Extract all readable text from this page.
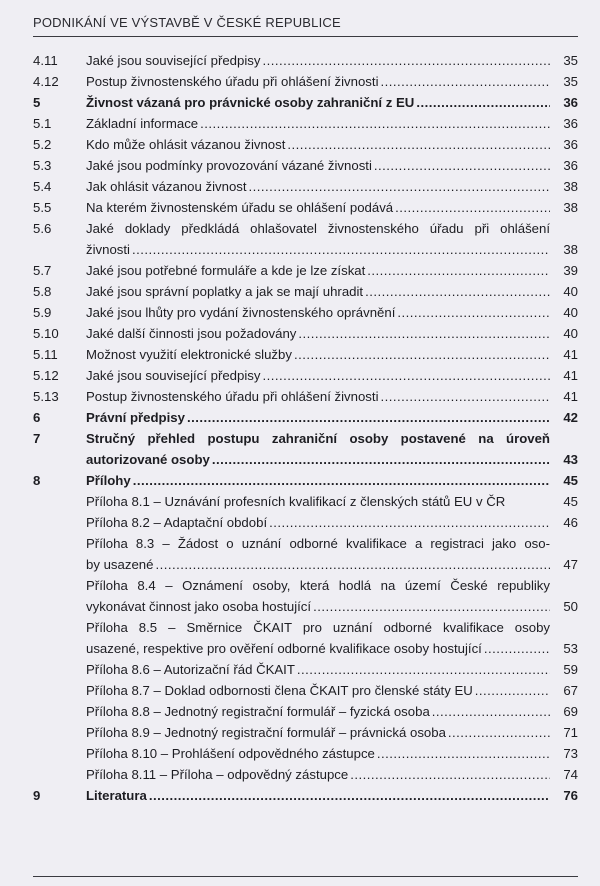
PODNIKÁNÍ VE VÝSTAVBĚ V ČESKÉ REPUBLICE
4.11	Jaké jsou související předpisy . . .	35
4.12	Postup živnostenského úřadu při ohlášení živnosti . . .	35
5	Živnost vázaná pro právnické osoby zahraniční z EU . . .	36
5.1	Základní informace . . .	36
5.2	Kdo může ohlásit vázanou živnost . . .	36
5.3	Jaké jsou podmínky provozování vázané živnosti . . .	36
5.4	Jak ohlásit vázanou živnost . . .	38
5.5	Na kterém živnostenském úřadu se ohlášení podává . . .	38
5.6	Jaké doklady předkládá ohlašovatel živnostenského úřadu při ohlášení
živnosti . . .	38
5.7	Jaké jsou potřebné formuláře a kde je lze získat . . .	39
5.8	Jaké jsou správní poplatky a jak se mají uhradit . . .	40
5.9	Jaké jsou lhůty pro vydání živnostenského oprávnění . . .	40
5.10	Jaké další činnosti jsou požadovány . . .	40
5.11	Možnost využití elektronické služby . . .	41
5.12	Jaké jsou související předpisy . . .	41
5.13	Postup živnostenského úřadu při ohlášení živnosti . . .	41
6	Právní předpisy . . .	42
7	Stručný přehled postupu zahraniční osoby postavené na úroveň
autorizované osoby . . .	43
8	Přílohy . . .	45
Příloha 8.1 – Uznávání profesních kvalifikací z členských států EU v ČR	45
Příloha 8.2 – Adaptační období . . .	46
Příloha 8.3 – Žádost o uznání odborné kvalifikace a registraci jako oso-
by usazené . . .	47
Příloha 8.4 – Oznámení osoby, která hodlá na území České republiky
vykonávat činnost jako osoba hostující . . .	50
Příloha 8.5 – Směrnice ČKAIT pro uznání odborné kvalifikace osoby
usazené, respektive pro ověření odborné kvalifikace osoby hostující . . .	53
Příloha 8.6 – Autorizační řád ČKAIT . . .	59
Příloha 8.7 – Doklad odbornosti člena ČKAIT pro členské státy EU . . .	67
Příloha 8.8 – Jednotný registrační formulář – fyzická osoba . . .	69
Příloha 8.9 – Jednotný registrační formulář – právnická osoba . . .	71
Příloha 8.10 – Prohlášení odpovědného zástupce . . .	73
Příloha 8.11 – Příloha – odpovědný zástupce . . .	74
9	Literatura . . .	76
